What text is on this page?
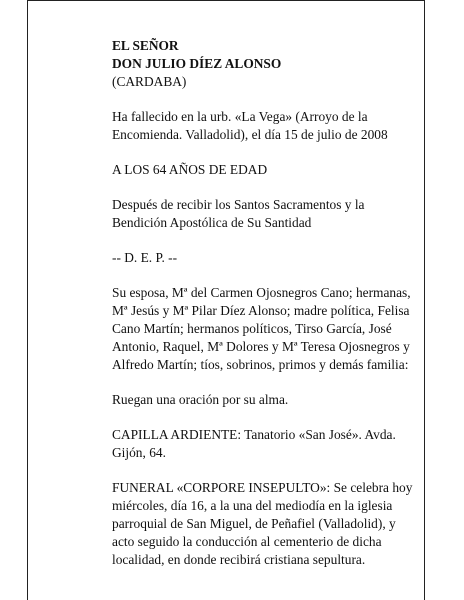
EL SEÑOR
DON JULIO DÍEZ ALONSO
(CARDABA)
Ha fallecido en la urb. «La Vega» (Arroyo de la
Encomienda. Valladolid), el día 15 de julio de 2008
A LOS 64 AÑOS DE EDAD
Después de recibir los Santos Sacramentos y la
Bendición Apostólica de Su Santidad
-- D. E. P. --
Su esposa, Mª del Carmen Ojosnegros Cano; hermanas,
Mª Jesús y Mª Pilar Díez Alonso; madre política, Felisa
Cano Martín; hermanos políticos, Tirso García, José
Antonio, Raquel, Mª Dolores y Mª Teresa Ojosnegros y
Alfredo Martín; tíos, sobrinos, primos y demás familia:
Ruegan una oración por su alma.
CAPILLA ARDIENTE: Tanatorio «San José». Avda.
Gijón, 64.
FUNERAL «CORPORE INSEPULTO»: Se celebra hoy
miércoles, día 16, a la una del mediodía en la iglesia
parroquial de San Miguel, de Peñafiel (Valladolid), y
acto seguido la conducción al cementerio de dicha
localidad, en donde recibirá cristiana sepultura.
